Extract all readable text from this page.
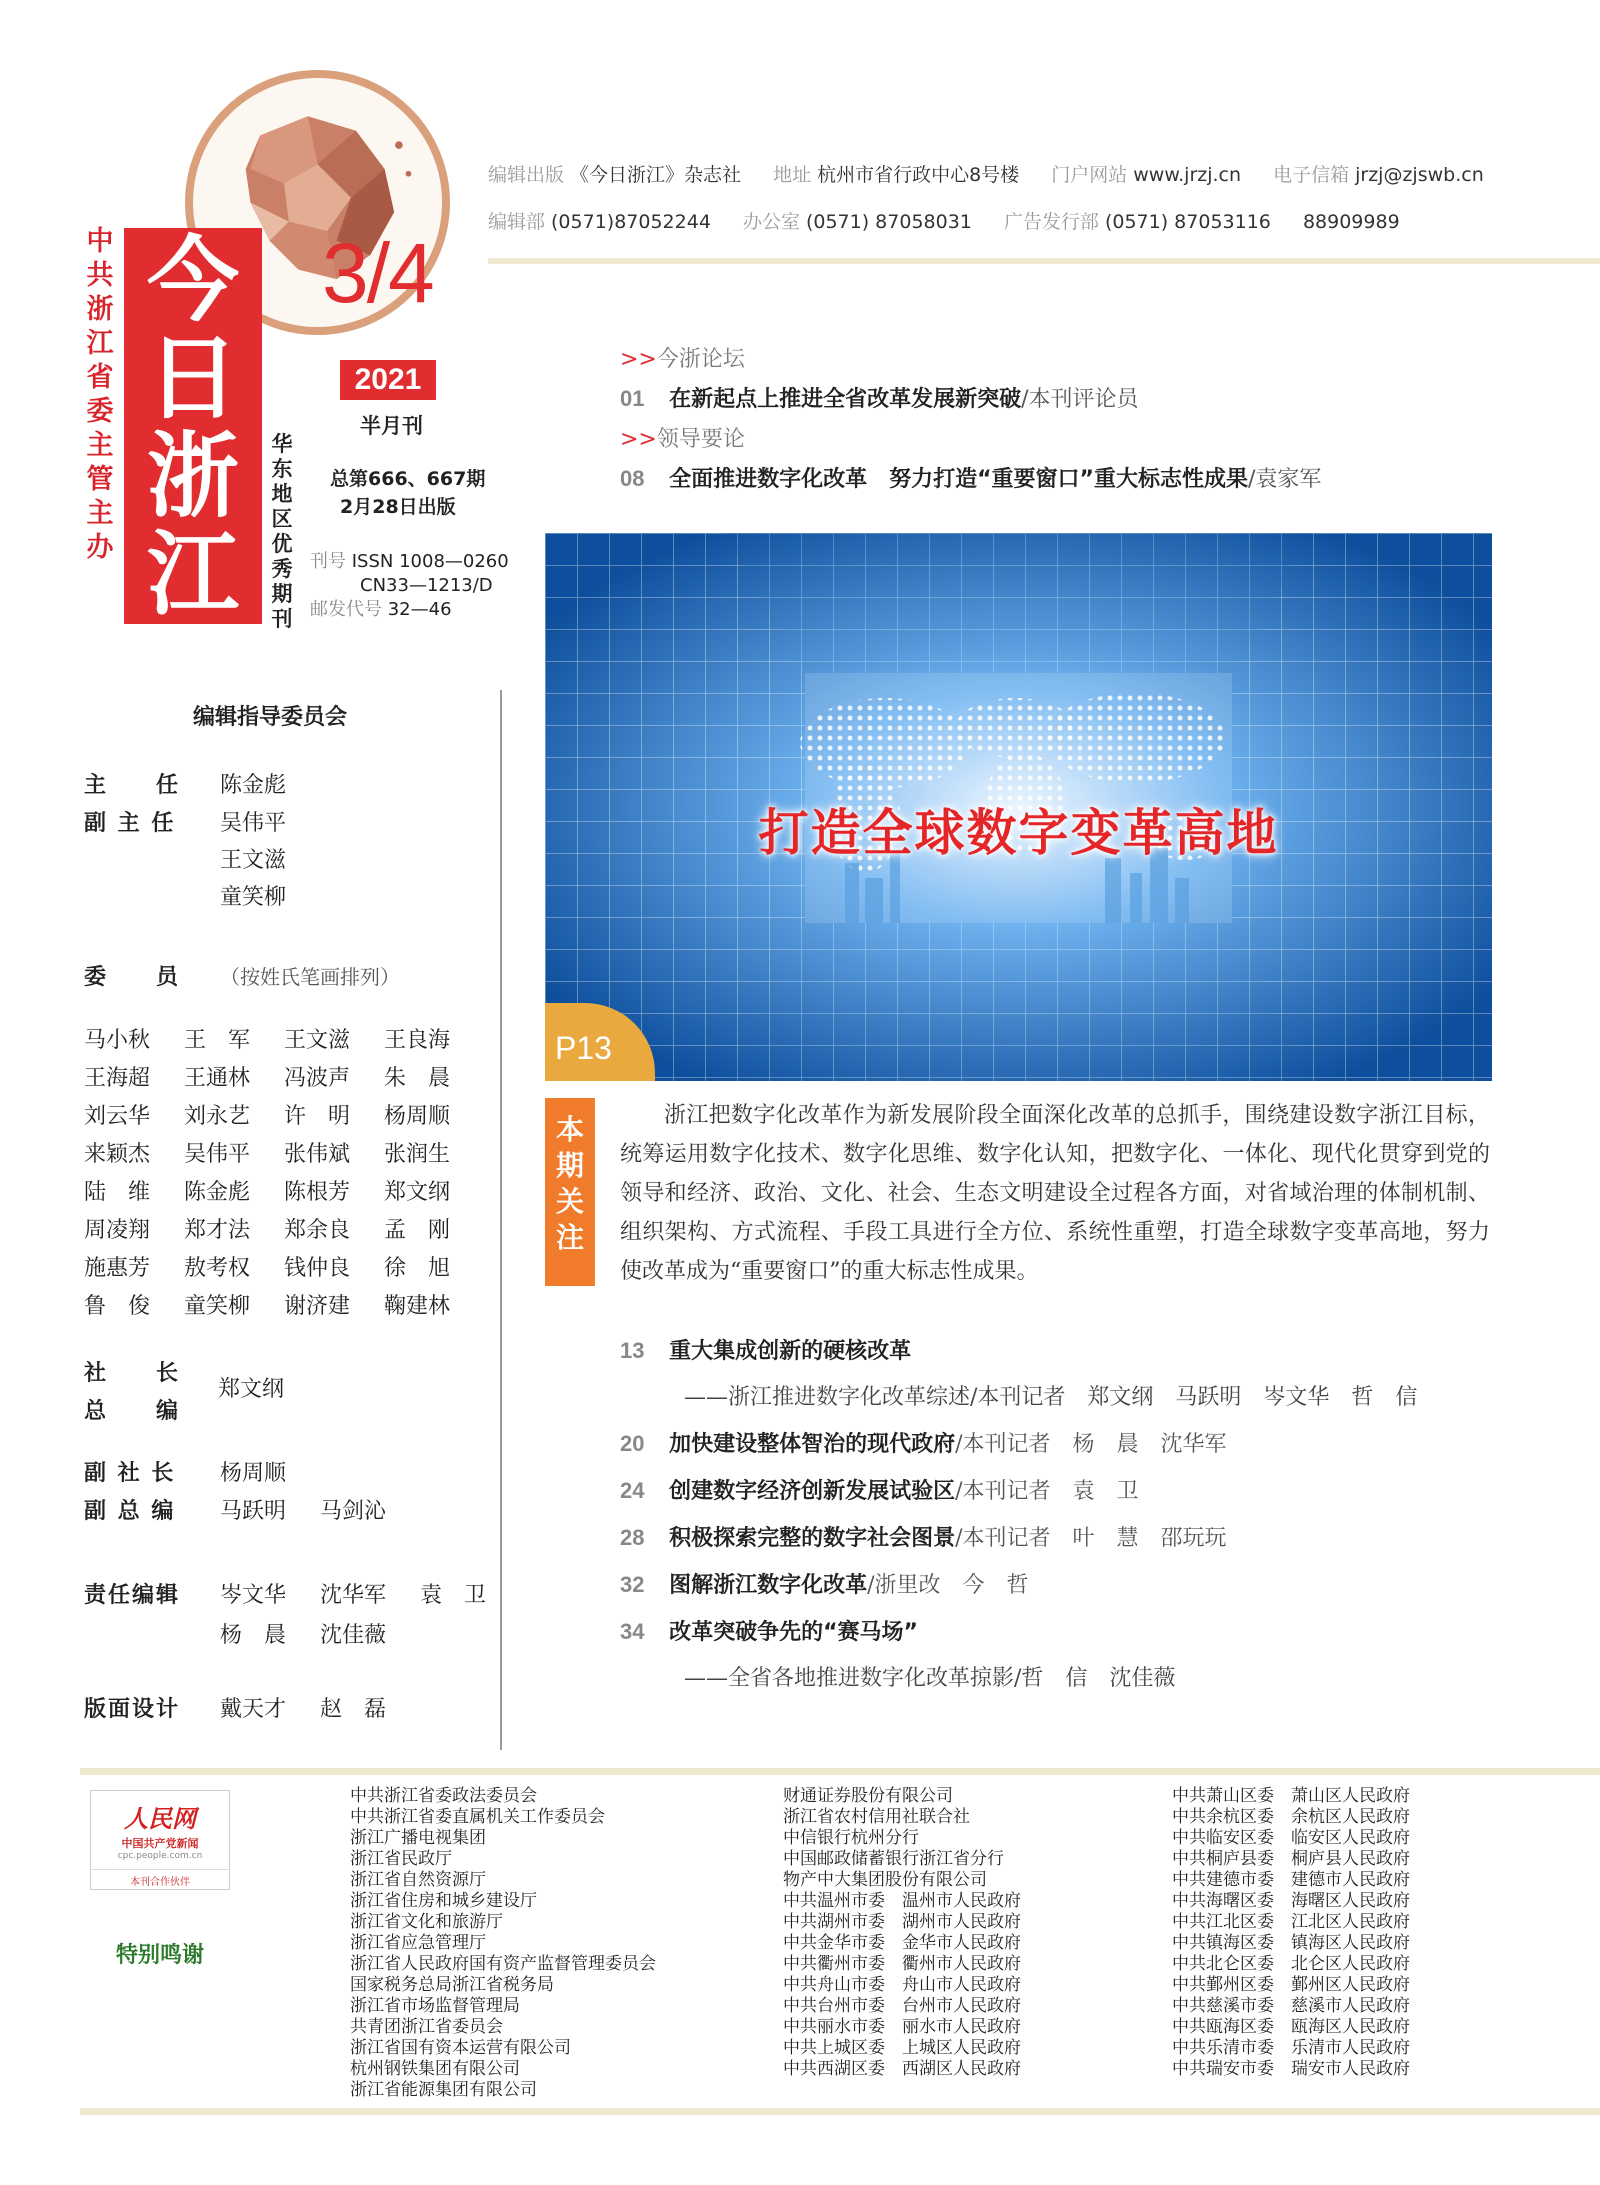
中共浙江省委主管主办
今
日
浙
江
3/4
2021
半月刊
华东地区优秀期刊
总第666、667期
2月28日出版
刊号 ISSN 1008—0260
CN33—1213/D
邮发代号 32—46
编辑出版 《今日浙江》杂志社 地址 杭州市省行政中心8号楼 门户网站 www.jrzj.cn 电子信箱 jrzj@zjswb.cn
编辑部 (0571)87052244 办公室 (0571) 87058031 广告发行部 (0571) 87053116 88909989
>>今浙论坛
01 在新起点上推进全省改革发展新突破/本刊评论员
>>领导要论
08 全面推进数字化改革　努力打造“重要窗口”重大标志性成果/袁家军
打造全球数字变革高地
P13
本期关注
浙江把数字化改革作为新发展阶段全面深化改革的总抓手，围绕建设数字浙江目标，统筹运用数字化技术、数字化思维、数字化认知，把数字化、一体化、现代化贯穿到党的领导和经济、政治、文化、社会、生态文明建设全过程各方面，对省域治理的体制机制、组织架构、方式流程、手段工具进行全方位、系统性重塑，打造全球数字变革高地，努力使改革成为“重要窗口”的重大标志性成果。
13 重大集成创新的硬核改革
——浙江推进数字化改革综述/本刊记者　郑文纲　马跃明　岑文华　哲　信
20 加快建设整体智治的现代政府/本刊记者　杨　晨　沈华军
24 创建数字经济创新发展试验区/本刊记者　袁　卫
28 积极探索完整的数字社会图景/本刊记者　叶　慧　邵玩玩
32 图解浙江数字化改革/浙里改　今　哲
34 改革突破争先的“赛马场”
——全省各地推进数字化改革掠影/哲　信　沈佳薇
编辑指导委员会
主　　任 陈金彪
副 主 任 吴伟平
王文滋
童笑柳
委　　员 （按姓氏笔画排列）
马小秋 王　军 王文滋 王良海
王海超 王通林 冯波声 朱　晨
刘云华 刘永艺 许　明 杨周顺
来颖杰 吴伟平 张伟斌 张润生
陆　维 陈金彪 陈根芳 郑文纲
周凌翔 郑才法 郑余良 孟　刚
施惠芳 敖考权 钱仲良 徐　旭
鲁　俊 童笑柳 谢济建 鞠建林
社　　长
郑文纲
总　　编
副 社 长 杨周顺
副 总 编 马跃明 马剑沁
责任编辑 岑文华 沈华军 袁　卫
杨　晨 沈佳薇
版面设计 戴天才 赵　磊
人民网
中国共产党新闻
cpc.people.com.cn
本刊合作伙伴
特别鸣谢
中共浙江省委政法委员会
中共浙江省委直属机关工作委员会
浙江广播电视集团
浙江省民政厅
浙江省自然资源厅
浙江省住房和城乡建设厅
浙江省文化和旅游厅
浙江省应急管理厅
浙江省人民政府国有资产监督管理委员会
国家税务总局浙江省税务局
浙江省市场监督管理局
共青团浙江省委员会
浙江省国有资本运营有限公司
杭州钢铁集团有限公司
浙江省能源集团有限公司
财通证券股份有限公司
浙江省农村信用社联合社
中信银行杭州分行
中国邮政储蓄银行浙江省分行
物产中大集团股份有限公司
中共温州市委　温州市人民政府
中共湖州市委　湖州市人民政府
中共金华市委　金华市人民政府
中共衢州市委　衢州市人民政府
中共舟山市委　舟山市人民政府
中共台州市委　台州市人民政府
中共丽水市委　丽水市人民政府
中共上城区委　上城区人民政府
中共西湖区委　西湖区人民政府
中共萧山区委　萧山区人民政府
中共余杭区委　余杭区人民政府
中共临安区委　临安区人民政府
中共桐庐县委　桐庐县人民政府
中共建德市委　建德市人民政府
中共海曙区委　海曙区人民政府
中共江北区委　江北区人民政府
中共镇海区委　镇海区人民政府
中共北仑区委　北仑区人民政府
中共鄞州区委　鄞州区人民政府
中共慈溪市委　慈溪市人民政府
中共瓯海区委　瓯海区人民政府
中共乐清市委　乐清市人民政府
中共瑞安市委　瑞安市人民政府
